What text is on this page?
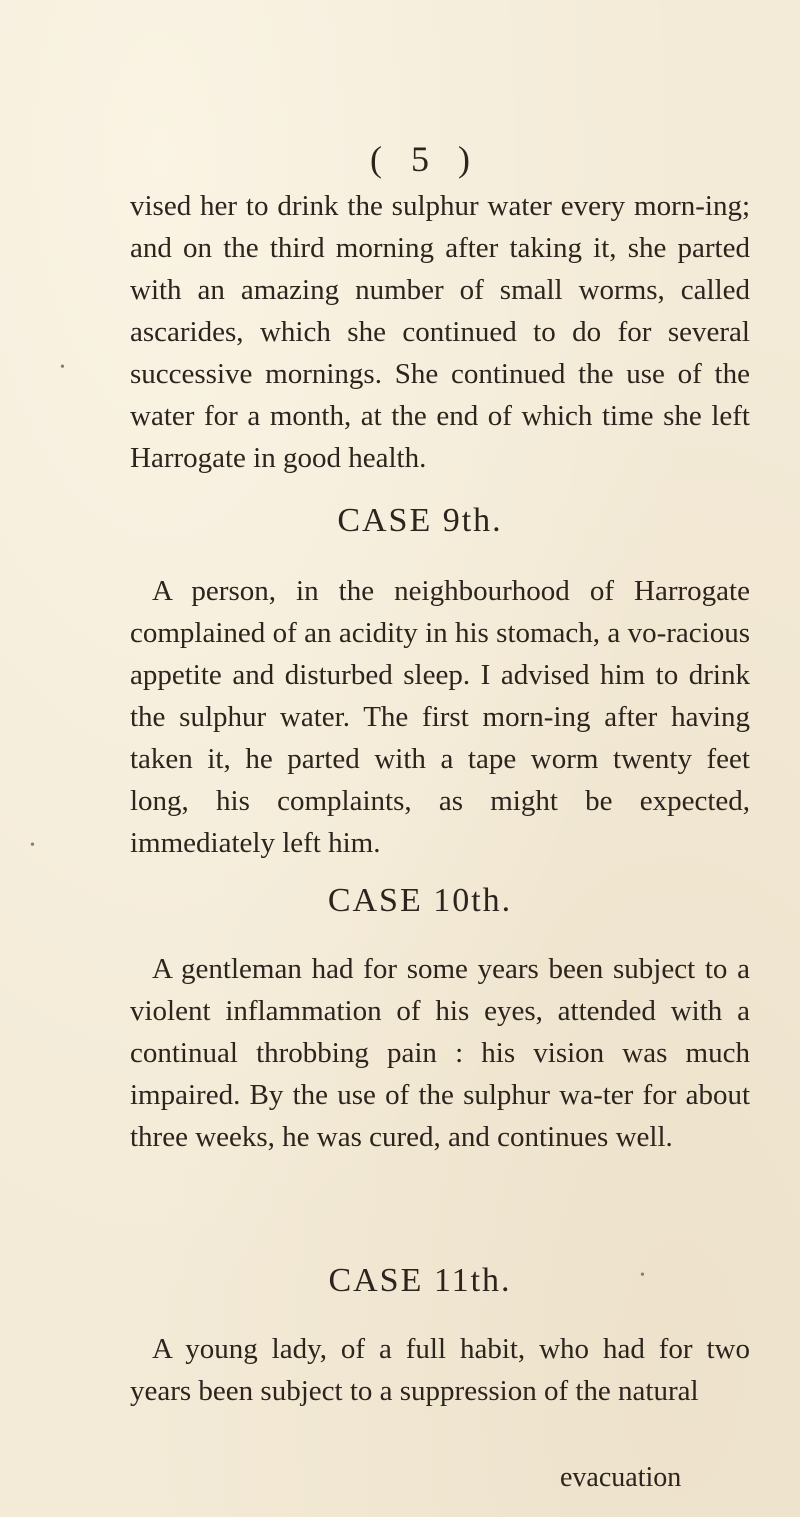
( 5 )

vised her to drink the sulphur water every morn-ing; and on the third morning after taking it, she parted with an amazing number of small worms, called ascarides, which she continued to do for several successive mornings. She continued the use of the water for a month, at the end of which time she left Harrogate in good health.

CASE 9th.

A person, in the neighbourhood of Harrogate complained of an acidity in his stomach, a vo-racious appetite and disturbed sleep. I advised him to drink the sulphur water. The first morn-ing after having taken it, he parted with a tape worm twenty feet long, his complaints, as might be expected, immediately left him.

CASE 10th.

A gentleman had for some years been subject to a violent inflammation of his eyes, attended with a continual throbbing pain : his vision was much impaired. By the use of the sulphur wa-ter for about three weeks, he was cured, and continues well.

CASE 11th.

A young lady, of a full habit, who had for two years been subject to a suppression of the natural

evacuation
•
•
•
